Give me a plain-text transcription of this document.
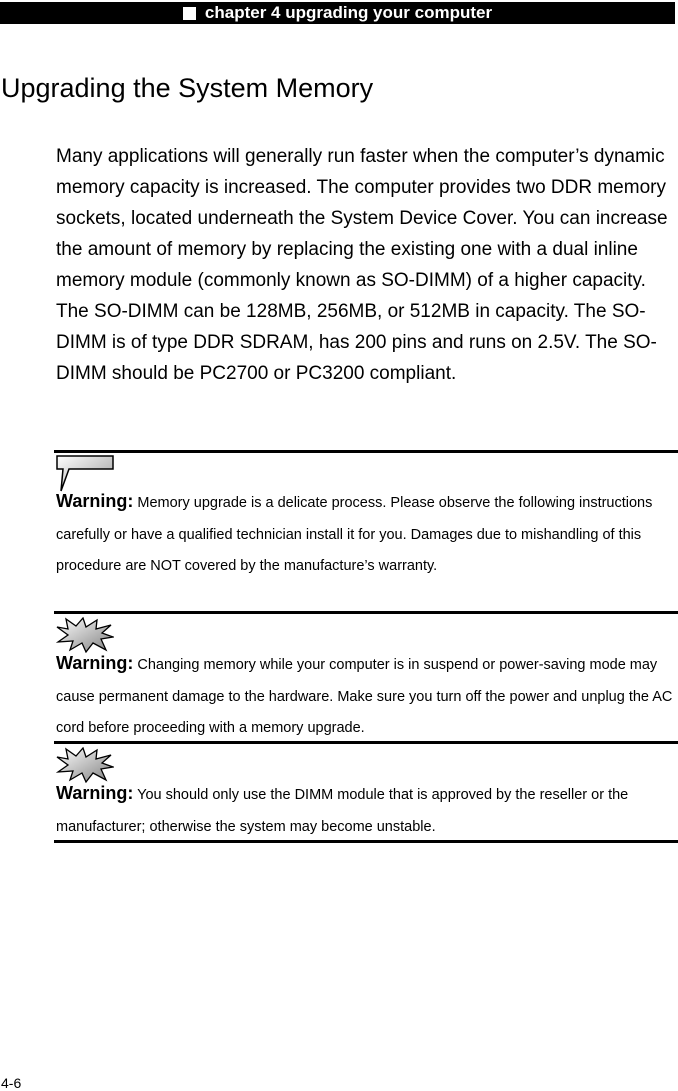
chapter 4 upgrading your computer
Upgrading the System Memory

Many applications will generally run faster when the computer’s dynamic memory capacity is increased. The computer provides two DDR memory sockets, located underneath the System Device Cover. You can increase the amount of memory by replacing the existing one with a dual inline memory module (commonly known as SO-DIMM) of a higher capacity. The SO-DIMM can be 128MB, 256MB, or 512MB in capacity. The SO-DIMM is of type DDR SDRAM, has 200 pins and runs on 2.5V. The SO-DIMM should be PC2700 or PC3200 compliant.

Warning: Memory upgrade is a delicate process. Please observe the following instructions carefully or have a qualified technician install it for you. Damages due to mishandling of this procedure are NOT covered by the manufacture’s warranty.

Warning: Changing memory while your computer is in suspend or power-saving mode may cause permanent damage to the hardware. Make sure you turn off the power and unplug the AC cord before proceeding with a memory upgrade.

Warning: You should only use the DIMM module that is approved by the reseller or the manufacturer; otherwise the system may become unstable.

4-6
